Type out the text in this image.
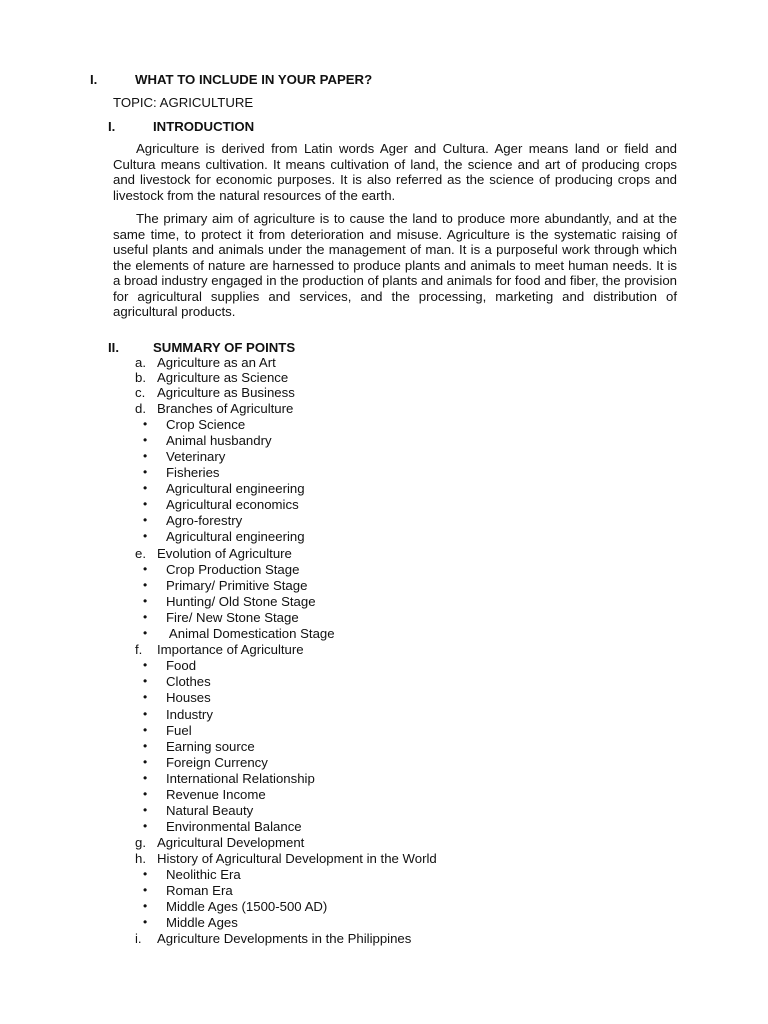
I.	WHAT TO INCLUDE IN YOUR PAPER?
TOPIC: AGRICULTURE
I.	INTRODUCTION
Agriculture is derived from Latin words Ager and Cultura. Ager means land or field and Cultura means cultivation. It means cultivation of land, the science and art of producing crops and livestock for economic purposes. It is also referred as the science of producing crops and livestock from the natural resources of the earth.
The primary aim of agriculture is to cause the land to produce more abundantly, and at the same time, to protect it from deterioration and misuse. Agriculture is the systematic raising of useful plants and animals under the management of man. It is a purposeful work through which the elements of nature are harnessed to produce plants and animals to meet human needs. It is a broad industry engaged in the production of plants and animals for food and fiber, the provision for agricultural supplies and services, and the processing, marketing and distribution of agricultural products.
II.	SUMMARY OF POINTS
a. Agriculture as an Art
b. Agriculture as Science
c. Agriculture as Business
d. Branches of Agriculture
• Crop Science
• Animal husbandry
• Veterinary
• Fisheries
• Agricultural engineering
• Agricultural economics
• Agro-forestry
• Agricultural engineering
e. Evolution of Agriculture
• Crop Production Stage
• Primary/ Primitive Stage
• Hunting/ Old Stone Stage
• Fire/ New Stone Stage
• Animal Domestication Stage
f. Importance of Agriculture
• Food
• Clothes
• Houses
• Industry
• Fuel
• Earning source
• Foreign Currency
• International Relationship
• Revenue Income
• Natural Beauty
• Environmental Balance
g. Agricultural Development
h. History of Agricultural Development in the World
• Neolithic Era
• Roman Era
• Middle Ages (1500-500 AD)
• Middle Ages
i. Agriculture Developments in the Philippines
